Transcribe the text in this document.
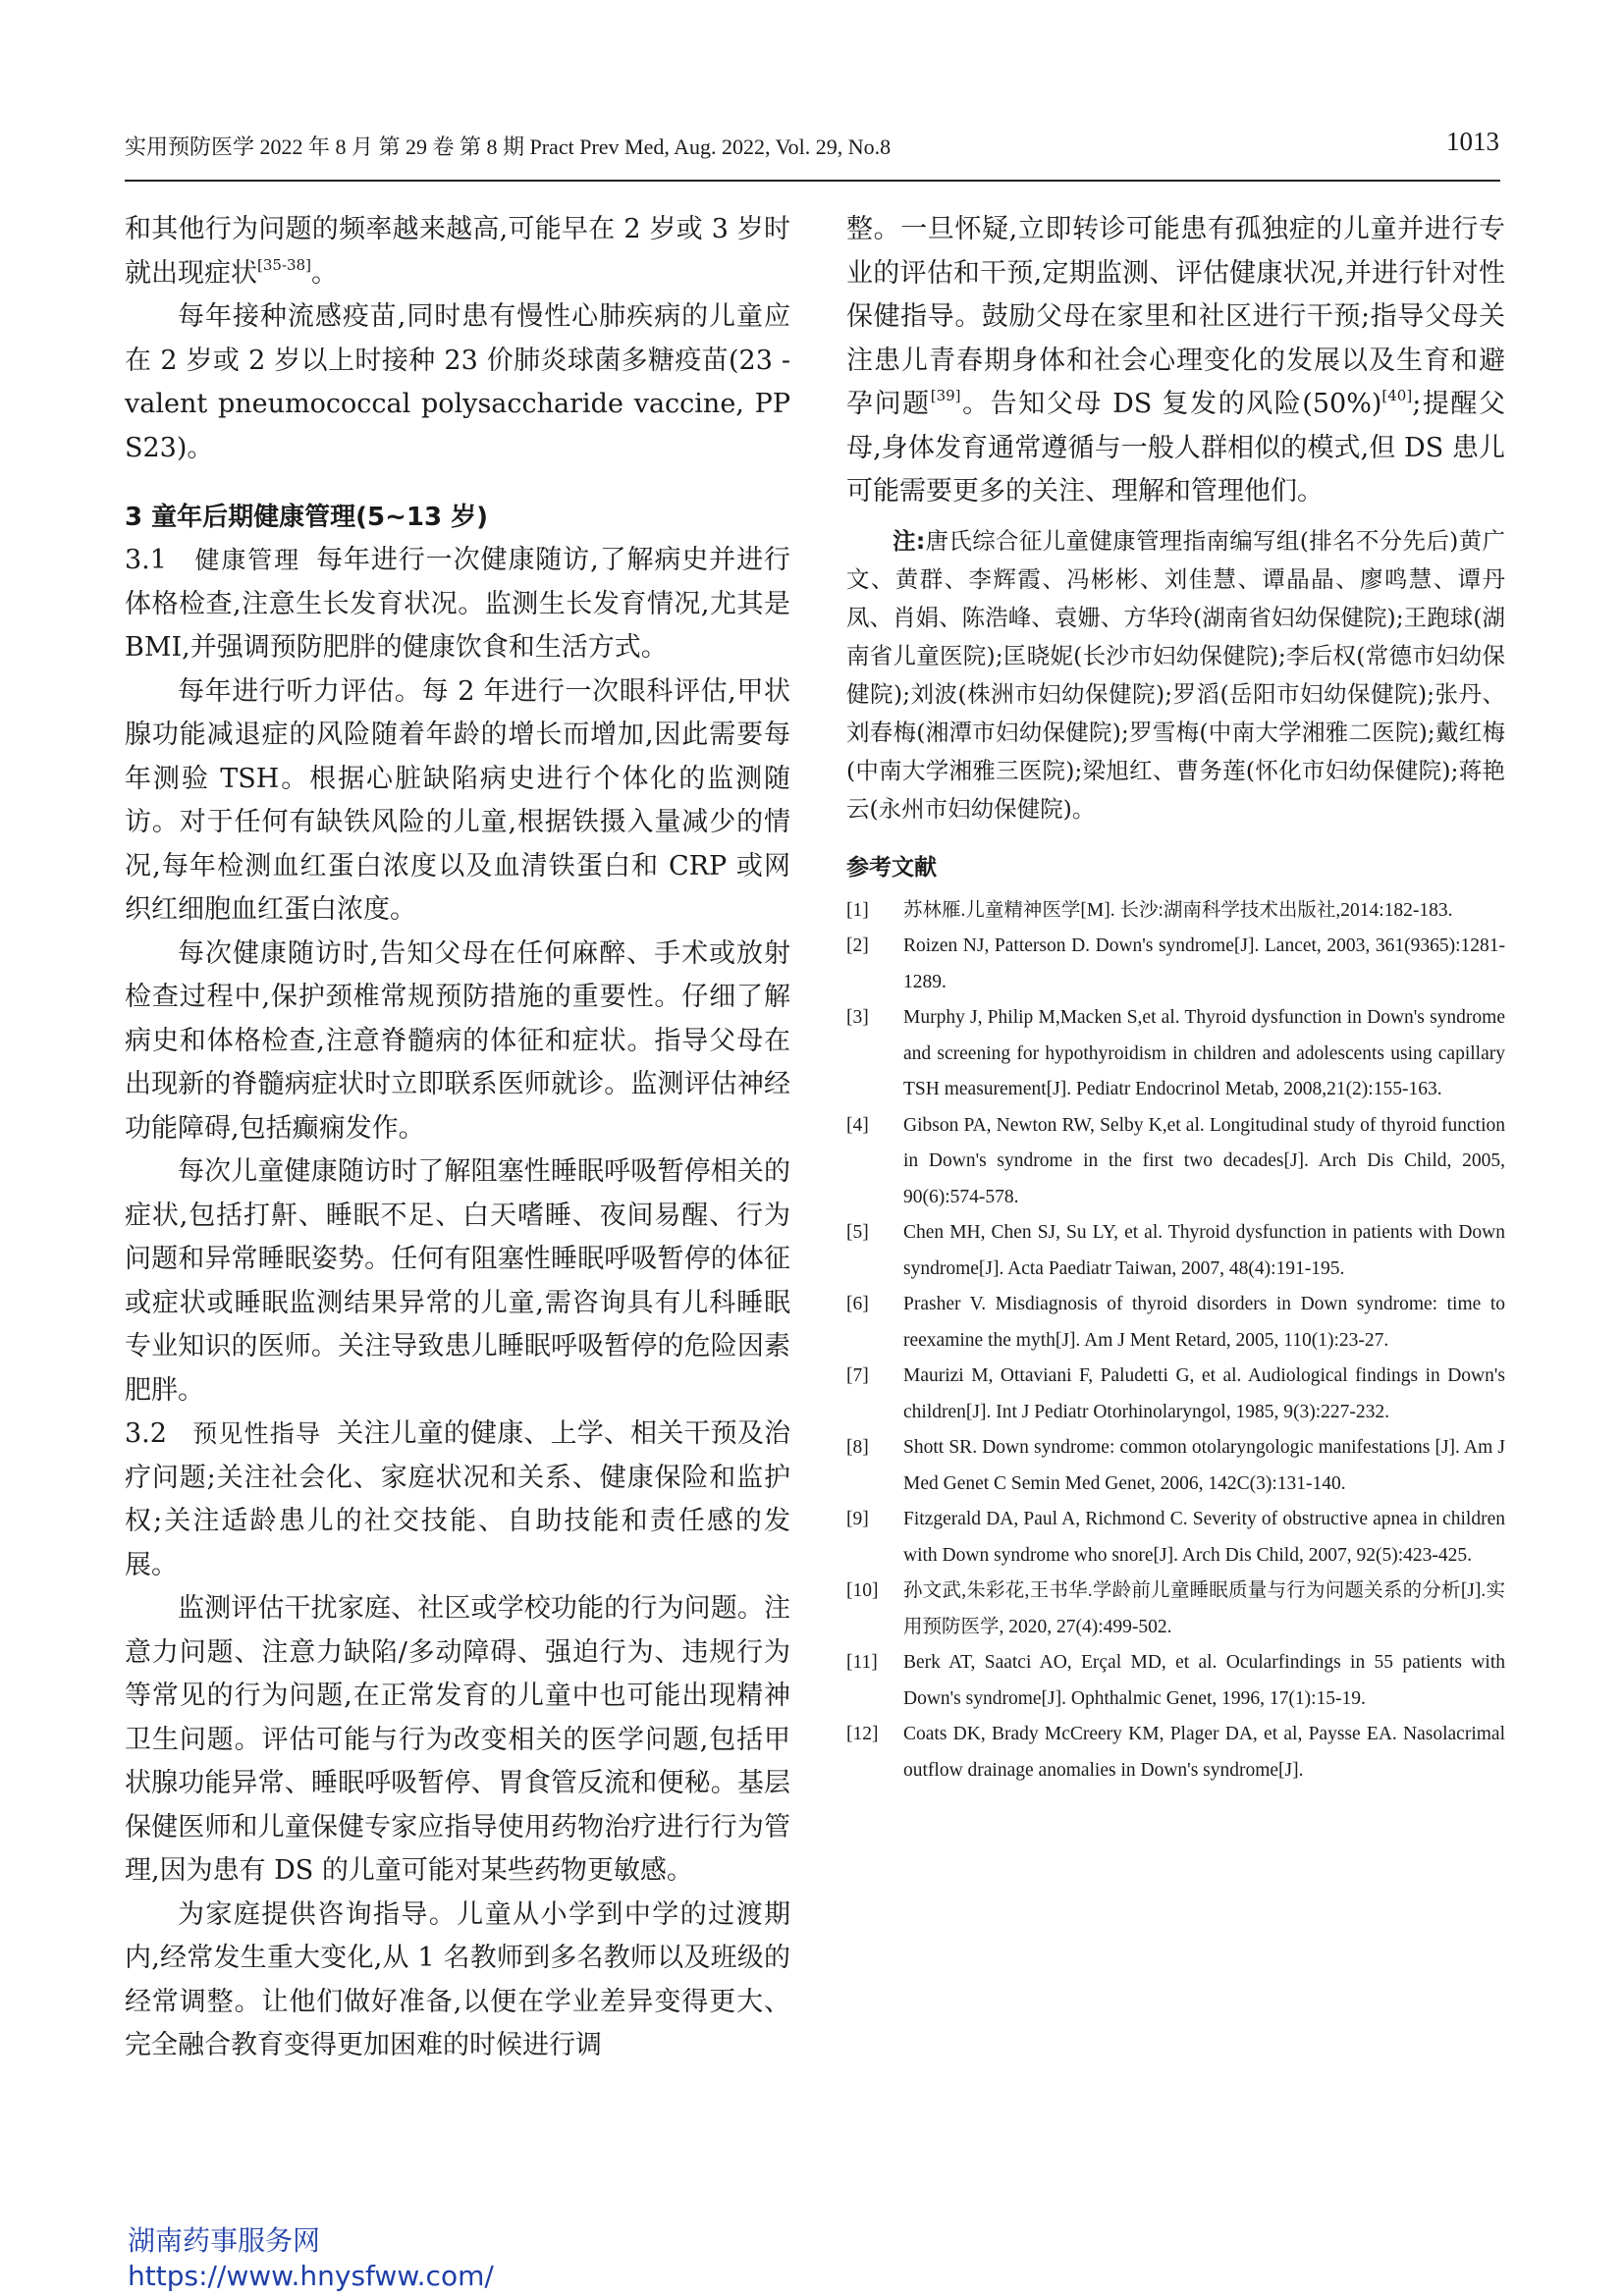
实用预防医学 2022 年 8 月 第 29 卷 第 8 期 Pract Prev Med, Aug. 2022, Vol. 29, No.8	1013

和其他行为问题的频率越来越高,可能早在 2 岁或 3 岁时就出现症状[35-38]。

每年接种流感疫苗,同时患有慢性心肺疾病的儿童应在 2 岁或 2 岁以上时接种 23 价肺炎球菌多糖疫苗(23 - valent pneumococcal polysaccharide vaccine, PPS23)。

3 童年后期健康管理(5~13 岁)

3.1 健康管理 每年进行一次健康随访,了解病史并进行体格检查,注意生长发育状况。监测生长发育情况,尤其是 BMI,并强调预防肥胖的健康饮食和生活方式。

每年进行听力评估。每 2 年进行一次眼科评估,甲状腺功能减退症的风险随着年龄的增长而增加,因此需要每年测验 TSH。根据心脏缺陷病史进行个体化的监测随访。对于任何有缺铁风险的儿童,根据铁摄入量减少的情况,每年检测血红蛋白浓度以及血清铁蛋白和 CRP 或网织红细胞血红蛋白浓度。

每次健康随访时,告知父母在任何麻醉、手术或放射检查过程中,保护颈椎常规预防措施的重要性。仔细了解病史和体格检查,注意脊髓病的体征和症状。指导父母在出现新的脊髓病症状时立即联系医师就诊。监测评估神经功能障碍,包括癫痫发作。

每次儿童健康随访时了解阻塞性睡眠呼吸暂停相关的症状,包括打鼾、睡眠不足、白天嗜睡、夜间易醒、行为问题和异常睡眠姿势。任何有阻塞性睡眠呼吸暂停的体征或症状或睡眠监测结果异常的儿童,需咨询具有儿科睡眠专业知识的医师。关注导致患儿睡眠呼吸暂停的危险因素肥胖。

3.2 预见性指导 关注儿童的健康、上学、相关干预及治疗问题;关注社会化、家庭状况和关系、健康保险和监护权;关注适龄患儿的社交技能、自助技能和责任感的发展。

监测评估干扰家庭、社区或学校功能的行为问题。注意力问题、注意力缺陷/多动障碍、强迫行为、违规行为等常见的行为问题,在正常发育的儿童中也可能出现精神卫生问题。评估可能与行为改变相关的医学问题,包括甲状腺功能异常、睡眠呼吸暂停、胃食管反流和便秘。基层保健医师和儿童保健专家应指导使用药物治疗进行行为管理,因为患有 DS 的儿童可能对某些药物更敏感。

为家庭提供咨询指导。儿童从小学到中学的过渡期内,经常发生重大变化,从 1 名教师到多名教师以及班级的经常调整。让他们做好准备,以便在学业差异变得更大、完全融合教育变得更加困难的时候进行调

整。一旦怀疑,立即转诊可能患有孤独症的儿童并进行专业的评估和干预,定期监测、评估健康状况,并进行针对性保健指导。鼓励父母在家里和社区进行干预;指导父母关注患儿青春期身体和社会心理变化的发展以及生育和避孕问题[39]。告知父母 DS 复发的风险(50%)[40];提醒父母,身体发育通常遵循与一般人群相似的模式,但 DS 患儿可能需要更多的关注、理解和管理他们。

注:唐氏综合征儿童健康管理指南编写组(排名不分先后)黄广文、黄群、李辉霞、冯彬彬、刘佳慧、谭晶晶、廖鸣慧、谭丹凤、肖娟、陈浩峰、袁姗、方华玲(湖南省妇幼保健院);王跑球(湖南省儿童医院);匡晓妮(长沙市妇幼保健院);李后权(常德市妇幼保健院);刘波(株洲市妇幼保健院);罗滔(岳阳市妇幼保健院);张丹、刘春梅(湘潭市妇幼保健院);罗雪梅(中南大学湘雅二医院);戴红梅(中南大学湘雅三医院);梁旭红、曹务莲(怀化市妇幼保健院);蒋艳云(永州市妇幼保健院)。

参考文献
[1] 苏林雁.儿童精神医学[M]. 长沙:湖南科学技术出版社,2014:182-183.
[2] Roizen NJ, Patterson D. Down's syndrome[J]. Lancet, 2003, 361(9365):1281-1289.
[3] Murphy J, Philip M,Macken S,et al. Thyroid dysfunction in Down's syndrome and screening for hypothyroidism in children and adolescents using capillary TSH measurement[J]. Pediatr Endocrinol Metab, 2008,21(2):155-163.
[4] Gibson PA, Newton RW, Selby K,et al. Longitudinal study of thyroid function in Down's syndrome in the first two decades[J]. Arch Dis Child, 2005, 90(6):574-578.
[5] Chen MH, Chen SJ, Su LY, et al. Thyroid dysfunction in patients with Down syndrome[J]. Acta Paediatr Taiwan, 2007, 48(4):191-195.
[6] Prasher V. Misdiagnosis of thyroid disorders in Down syndrome: time to reexamine the myth[J]. Am J Ment Retard, 2005, 110(1):23-27.
[7] Maurizi M, Ottaviani F, Paludetti G, et al. Audiological findings in Down's children[J]. Int J Pediatr Otorhinolaryngol, 1985, 9(3):227-232.
[8] Shott SR. Down syndrome: common otolaryngologic manifestations [J]. Am J Med Genet C Semin Med Genet, 2006, 142C(3):131-140.
[9] Fitzgerald DA, Paul A, Richmond C. Severity of obstructive apnea in children with Down syndrome who snore[J]. Arch Dis Child, 2007, 92(5):423-425.
[10] 孙文武,朱彩花,王书华.学龄前儿童睡眠质量与行为问题关系的分析[J].实用预防医学, 2020, 27(4):499-502.
[11] Berk AT, Saatci AO, Erçal MD, et al. Ocularfindings in 55 patients with Down's syndrome[J]. Ophthalmic Genet, 1996, 17(1):15-19.
[12] Coats DK, Brady McCreery KM, Plager DA, et al, Paysse EA. Nasolacrimal outflow drainage anomalies in Down's syndrome[J].
湖南药事服务网
https://www.hnysfww.com/
